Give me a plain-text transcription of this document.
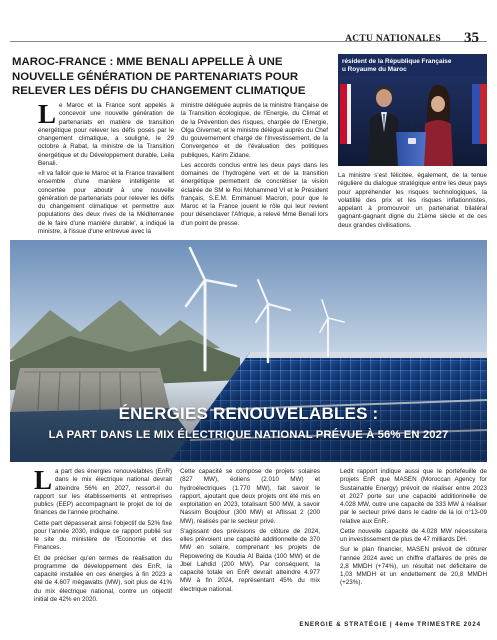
ACTU NATIONALES 35
MAROC-FRANCE : MME BENALI APPELLE À UNE NOUVELLE GÉNÉRATION DE PARTENARIATS POUR RELEVER LES DÉFIS DU CHANGEMENT CLIMATIQUE

Le Maroc et la France sont appelés à concevoir une nouvelle génération de partenariats en matière de transition énergétique pour relever les défis posés par le changement climatique, a souligné, le 29 octobre à Rabat, la ministre de la Transition énergétique et du Développement durable, Leila Benali.

«Il va falloir que le Maroc et la France travaillent ensemble d'une manière intelligente et concertée pour aboutir à une nouvelle génération de partenariats pour relever les défis du changement climatique et permettre aux populations des deux rives de la Méditerranée de le faire d'une manière durable', a indiqué la ministre, à l'issue d'une entrevue avec la

ministre déléguée auprès de la ministre française de la Transition écologique, de l'Energie, du Climat et de la Prévention des risques, chargée de l'Energie, Olga Givernet, et le ministre délégué auprès du Chef du gouvernement chargé de l'Investissement, de la Convergence et de l'évaluation des politiques publiques, Karim Zidane.

Les accords conclus entre les deux pays dans les domaines de l'hydrogène vert et de la transition énergétique permettent de concrétiser la vision éclairée de SM le Roi Mohammed VI et le Président français, S.E.M. Emmanuel Macron, pour que le Maroc et la France jouent le rôle qui leur revient pour désenclaver l'Afrique, a relevé Mme Benali lors d'un point de presse.

résident de la République Française
u Royaume du Maroc

La ministre s'est félicitée, également, de la tenue régulière du dialogue stratégique entre les deux pays pour appréhender les risques technologiques, la volatilité des prix et les risques inflationnistes, appelant à promouvoir un partenariat bilatéral gagnant-gagnant digne du 21ème siècle et de ces deux grandes civilisations.

ÉNERGIES RENOUVELABLES :
LA PART DANS LE MIX ÉLECTRIQUE NATIONAL PRÉVUE À 56% EN 2027

La part des énergies renouvelables (EnR) dans le mix électrique national devrait atteindre 56% en 2027, ressort-il du rapport sur les établissements et entreprises publics (EEP) accompagnant le projet de loi de finances de l'année prochaine.

Cette part dépasserait ainsi l'objectif de 52% fixé pour l'année 2030, indique ce rapport publié sur le site du ministère de l'Economie et des Finances.

Et de préciser qu'en termes de réalisation du programme de développement des EnR, la capacité installée en ces énergies à fin 2023 a été de 4.607 mégawatts (MW), soit plus de 41% du mix électrique national, contre un objectif initial de 42% en 2020.

Cette capacité se compose de projets solaires (827 MW), éoliens (2.010 MW) et hydroélectriques (1.770 MW), fait savoir le rapport, ajoutant que deux projets ont été mis en exploitation en 2023, totalisant 500 MW, à savoir Nassim Boujdour (300 MW) et Aftissat 2 (200 MW), réalisés par le secteur privé.

S'agissant des prévisions de clôture de 2024, elles prévoient une capacité additionnelle de 370 MW en solaire, comprenant les projets de Repowering de Koudia Al Baida (100 MW) et de Jbel Lahdid (200 MW). Par conséquent, la capacité totale en EnR devrait atteindre 4.977 MW à fin 2024, représentant 45% du mix électrique national.

Ledit rapport indique aussi que le portefeuille de projets EnR que MASEN (Moroccan Agency for Sustainable Energy) prévoit de réaliser entre 2023 et 2027 porte sur une capacité additionnelle de 4.028 MW, outre une capacité de 333 MW à réaliser par le secteur privé dans le cadre de la loi n°13-09 relative aux EnR.

Cette nouvelle capacité de 4.028 MW nécessitera un investissement de plus de 47 milliards DH.

Sur le plan financier, MASEN prévoit de clôturer l'année 2024 avec un chiffre d'affaires de près de 2,8 MMDH (+74%), un résultat net déficitaire de 1,03 MMDH et un endettement de 20,8 MMDH (+23%).

ENERGIE & STRATÉGIE | 4ème TRIMESTRE 2024
